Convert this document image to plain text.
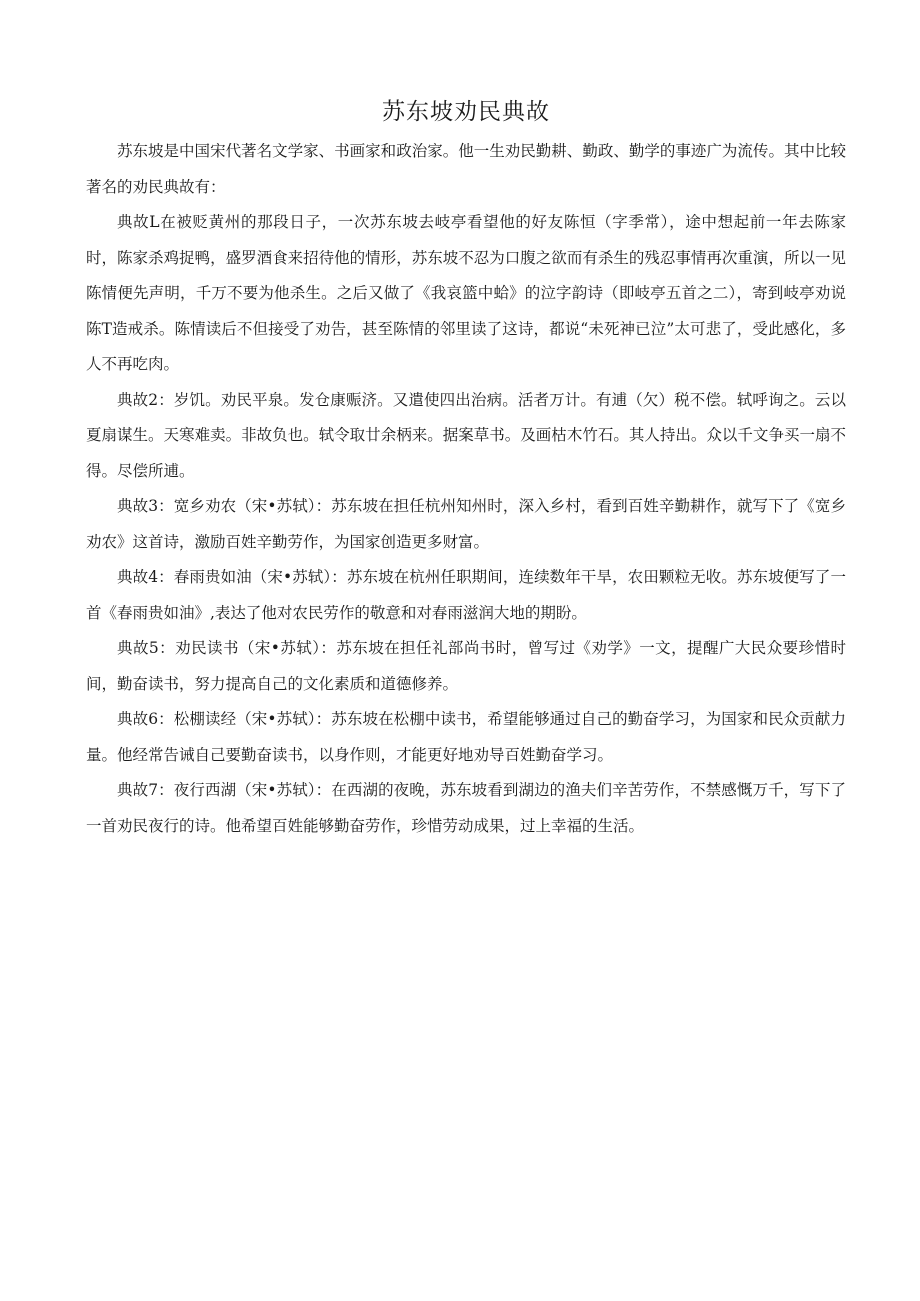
苏东坡劝民典故

苏东坡是中国宋代著名文学家、书画家和政治家。他一生劝民勤耕、勤政、勤学的事迹广为流传。其中比较著名的劝民典故有：

典故L在被贬黄州的那段日子，一次苏东坡去岐亭看望他的好友陈恒（字季常），途中想起前一年去陈家时，陈家杀鸡捉鸭，盛罗酒食来招待他的情形，苏东坡不忍为口腹之欲而有杀生的残忍事情再次重演，所以一见陈情便先声明，千万不要为他杀生。之后又做了《我哀篮中蛤》的泣字韵诗（即岐亭五首之二），寄到岐亭劝说陈T造戒杀。陈情读后不但接受了劝告，甚至陈情的邻里读了这诗，都说“未死神已泣”太可悲了，受此感化，多人不再吃肉。

典故2：岁饥。劝民平泉。发仓康赈济。又遣使四出治病。活者万计。有逋（欠）税不偿。轼呼询之。云以夏扇谋生。天寒难卖。非故负也。轼令取廿余柄来。据案草书。及画枯木竹石。其人持出。众以千文争买一扇不得。尽偿所逋。

典故3：宽乡劝农（宋•苏轼）：苏东坡在担任杭州知州时，深入乡村，看到百姓辛勤耕作，就写下了《宽乡劝农》这首诗，激励百姓辛勤劳作，为国家创造更多财富。

典故4：春雨贵如油（宋•苏轼）：苏东坡在杭州任职期间，连续数年干旱，农田颗粒无收。苏东坡便写了一首《春雨贵如油》,表达了他对农民劳作的敬意和对春雨滋润大地的期盼。

典故5：劝民读书（宋•苏轼）：苏东坡在担任礼部尚书时，曾写过《劝学》一文，提醒广大民众要珍惜时间，勤奋读书，努力提高自己的文化素质和道德修养。

典故6：松棚读经（宋•苏轼）：苏东坡在松棚中读书，希望能够通过自己的勤奋学习，为国家和民众贡献力量。他经常告诫自己要勤奋读书，以身作则，才能更好地劝导百姓勤奋学习。

典故7：夜行西湖（宋•苏轼）：在西湖的夜晚，苏东坡看到湖边的渔夫们辛苦劳作，不禁感慨万千，写下了一首劝民夜行的诗。他希望百姓能够勤奋劳作，珍惜劳动成果，过上幸福的生活。
